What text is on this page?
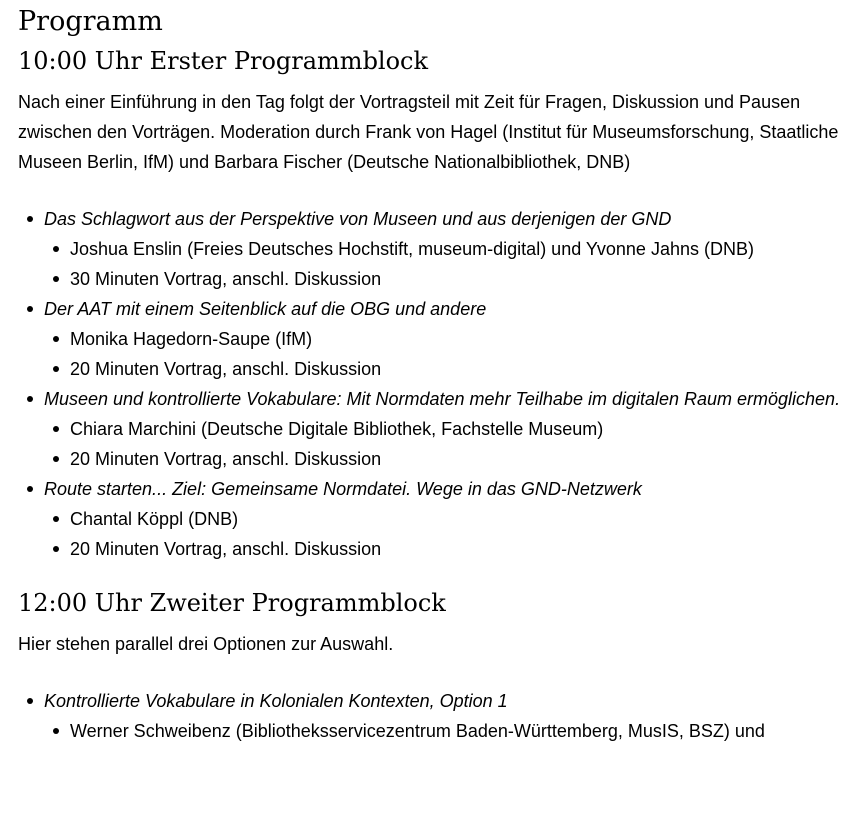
Programm
10:00 Uhr Erster Programmblock

Nach einer Einführung in den Tag folgt der Vortragsteil mit Zeit für Fragen, Diskussion und Pausen zwischen den Vorträgen. Moderation durch Frank von Hagel (Institut für Museumsforschung, Staatliche Museen Berlin, IfM) und Barbara Fischer (Deutsche Nationalbibliothek, DNB)

Das Schlagwort aus der Perspektive von Museen und aus derjenigen der GND
Joshua Enslin (Freies Deutsches Hochstift, museum-digital) und Yvonne Jahns (DNB)
30 Minuten Vortrag, anschl. Diskussion
Der AAT mit einem Seitenblick auf die OBG und andere
Monika Hagedorn-Saupe (IfM)
20 Minuten Vortrag, anschl. Diskussion
Museen und kontrollierte Vokabulare: Mit Normdaten mehr Teilhabe im digitalen Raum ermöglichen.
Chiara Marchini (Deutsche Digitale Bibliothek, Fachstelle Museum)
20 Minuten Vortrag, anschl. Diskussion
Route starten... Ziel: Gemeinsame Normdatei. Wege in das GND-Netzwerk
Chantal Köppl (DNB)
20 Minuten Vortrag, anschl. Diskussion
12:00 Uhr Zweiter Programmblock

Hier stehen parallel drei Optionen zur Auswahl.

Kontrollierte Vokabulare in Kolonialen Kontexten, Option 1
Werner Schweibenz (Bibliotheksservicezentrum Baden-Württemberg, MusIS, BSZ) und
